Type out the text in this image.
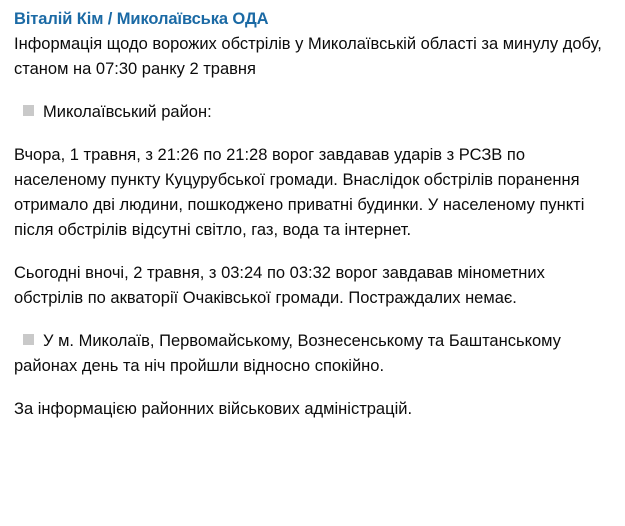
Віталій Кім / Миколаївська ОДА

Інформація щодо ворожих обстрілів у Миколаївській області за минулу добу, станом на 07:30 ранку 2 травня

Миколаївський район:

Вчора, 1 травня, з 21:26 по 21:28 ворог завдавав ударів з РСЗВ по населеному пункту Куцурубської громади. Внаслідок обстрілів поранення отримало дві людини, пошкоджено приватні будинки. У населеному пункті після обстрілів відсутні світло, газ, вода та інтернет.

Сьогодні вночі, 2 травня, з 03:24 по 03:32 ворог завдавав мінометних обстрілів по акваторії Очаківської громади. Постраждалих немає.

У м. Миколаїв, Первомайському, Вознесенському та Баштанському районах день та ніч пройшли відносно спокійно.

За інформацією районних військових адміністрацій.
